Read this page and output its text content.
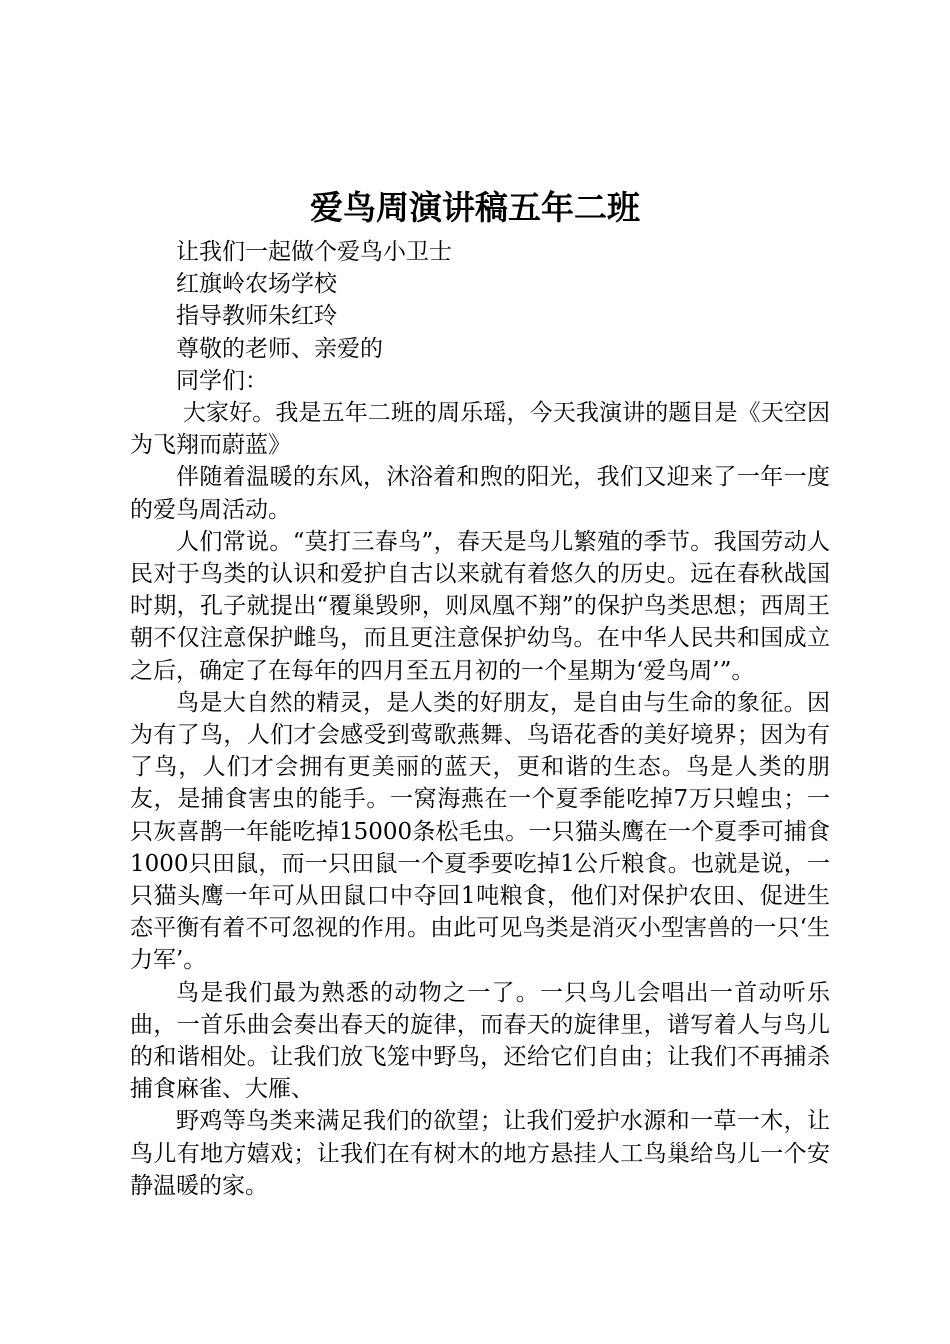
爱鸟周演讲稿五年二班

让我们一起做个爱鸟小卫士

红旗岭农场学校

指导教师朱红玲

尊敬的老师、亲爱的

同学们：

大家好。我是五年二班的周乐瑶，今天我演讲的题目是《天空因为飞翔而蔚蓝》

伴随着温暖的东风，沐浴着和煦的阳光，我们又迎来了一年一度的爱鸟周活动。

人们常说。“莫打三春鸟”，春天是鸟儿繁殖的季节。我国劳动人民对于鸟类的认识和爱护自古以来就有着悠久的历史。远在春秋战国时期，孔子就提出“覆巢毁卵，则凤凰不翔”的保护鸟类思想；西周王朝不仅注意保护雌鸟，而且更注意保护幼鸟。在中华人民共和国成立之后，确定了在每年的四月至五月初的一个星期为‘爱鸟周’”。

鸟是大自然的精灵，是人类的好朋友，是自由与生命的象征。因为有了鸟，人们才会感受到莺歌燕舞、鸟语花香的美好境界；因为有了鸟，人们才会拥有更美丽的蓝天，更和谐的生态。鸟是人类的朋友，是捕食害虫的能手。一窝海燕在一个夏季能吃掉7万只蝗虫；一只灰喜鹊一年能吃掉15000条松毛虫。一只猫头鹰在一个夏季可捕食1000只田鼠，而一只田鼠一个夏季要吃掉1公斤粮食。也就是说，一只猫头鹰一年可从田鼠口中夺回1吨粮食，他们对保护农田、促进生态平衡有着不可忽视的作用。由此可见鸟类是消灭小型害兽的一只‘生力军’。

鸟是我们最为熟悉的动物之一了。一只鸟儿会唱出一首动听乐曲，一首乐曲会奏出春天的旋律，而春天的旋律里，谱写着人与鸟儿的和谐相处。让我们放飞笼中野鸟，还给它们自由；让我们不再捕杀捕食麻雀、大雁、

野鸡等鸟类来满足我们的欲望；让我们爱护水源和一草一木，让鸟儿有地方嬉戏；让我们在有树木的地方悬挂人工鸟巢给鸟儿一个安静温暖的家。
